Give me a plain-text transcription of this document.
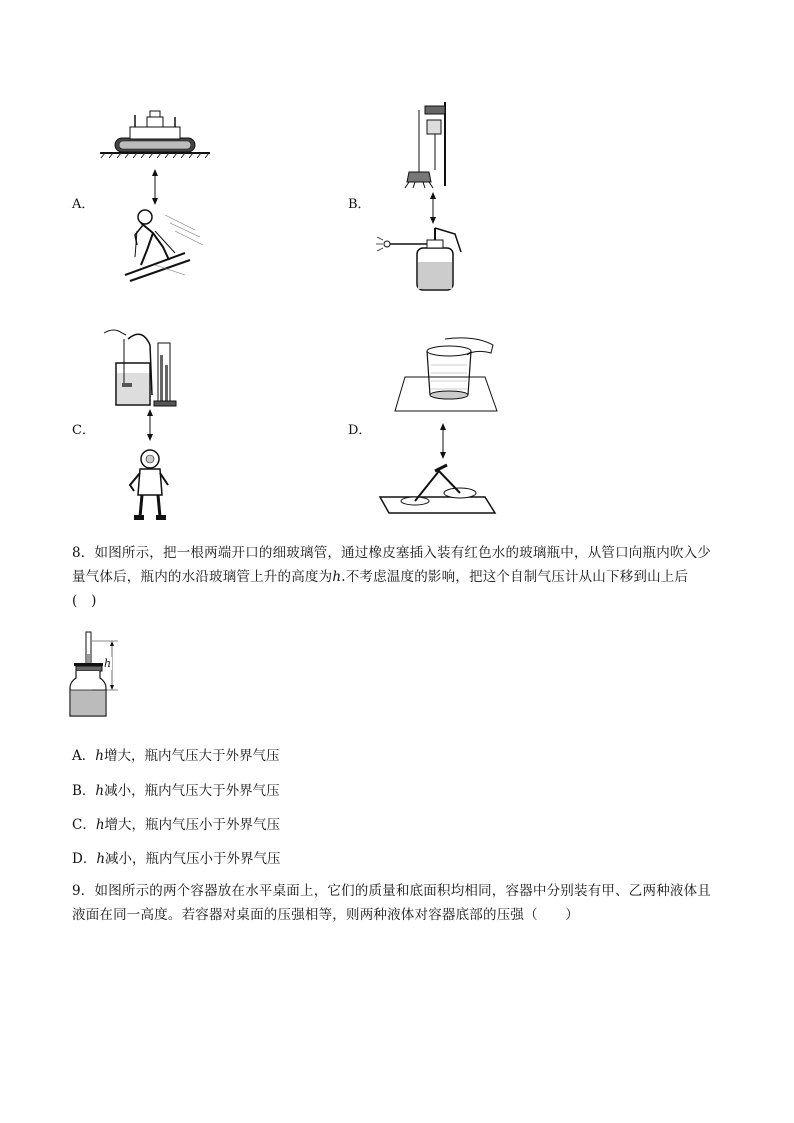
A．	B．
C．	D．
8．如图所示，把一根两端开口的细玻璃管，通过橡皮塞插入装有红色水的玻璃瓶中，从管口向瓶内吹入少
量气体后，瓶内的水沿玻璃管上升的高度为h.不考虑温度的影响，把这个自制气压计从山下移到山上后
(　)
h
A．h增大，瓶内气压大于外界气压
B．h减小，瓶内气压大于外界气压
C．h增大，瓶内气压小于外界气压
D．h减小，瓶内气压小于外界气压
9．如图所示的两个容器放在水平桌面上，它们的质量和底面积均相同，容器中分别装有甲、乙两种液体且
液面在同一高度。若容器对桌面的压强相等，则两种液体对容器底部的压强（　　）
